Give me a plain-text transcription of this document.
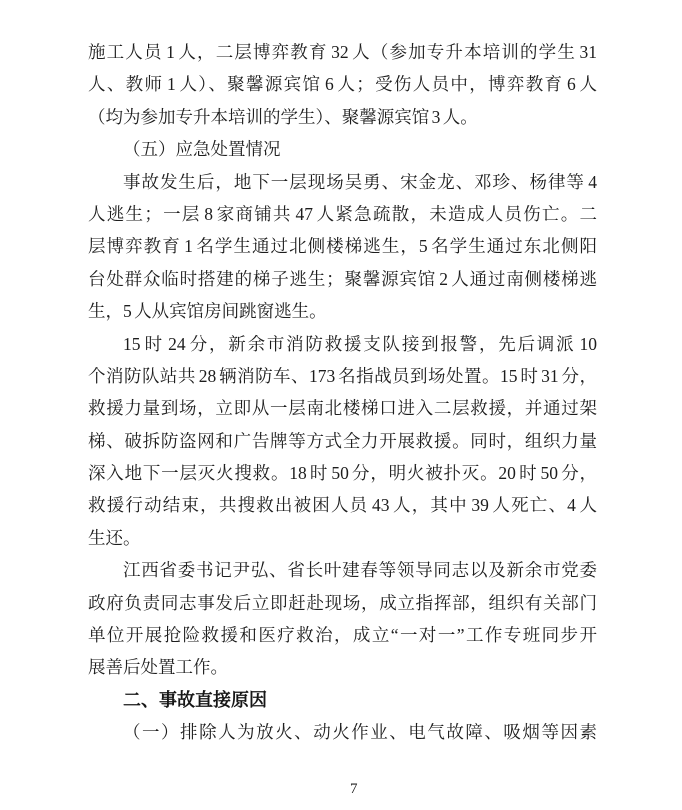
施工人员 1 人，二层博弈教育 32 人（参加专升本培训的学生 31
人、教师 1 人）、聚馨源宾馆 6 人；受伤人员中，博弈教育 6 人
（均为参加专升本培训的学生）、聚馨源宾馆 3 人。
（五）应急处置情况
事故发生后，地下一层现场吴勇、宋金龙、邓珍、杨律等 4
人逃生；一层 8 家商铺共 47 人紧急疏散，未造成人员伤亡。二
层博弈教育 1 名学生通过北侧楼梯逃生，5 名学生通过东北侧阳
台处群众临时搭建的梯子逃生；聚馨源宾馆 2 人通过南侧楼梯逃
生，5 人从宾馆房间跳窗逃生。
15 时 24 分，新余市消防救援支队接到报警，先后调派 10
个消防队站共 28 辆消防车、173 名指战员到场处置。15 时 31 分，
救援力量到场，立即从一层南北楼梯口进入二层救援，并通过架
梯、破拆防盗网和广告牌等方式全力开展救援。同时，组织力量
深入地下一层灭火搜救。18 时 50 分，明火被扑灭。20 时 50 分，
救援行动结束，共搜救出被困人员 43 人，其中 39 人死亡、4 人
生还。
江西省委书记尹弘、省长叶建春等领导同志以及新余市党委
政府负责同志事发后立即赶赴现场，成立指挥部，组织有关部门
单位开展抢险救援和医疗救治，成立“一对一”工作专班同步开
展善后处置工作。
二、事故直接原因
（一）排除人为放火、动火作业、电气故障、吸烟等因素
7
